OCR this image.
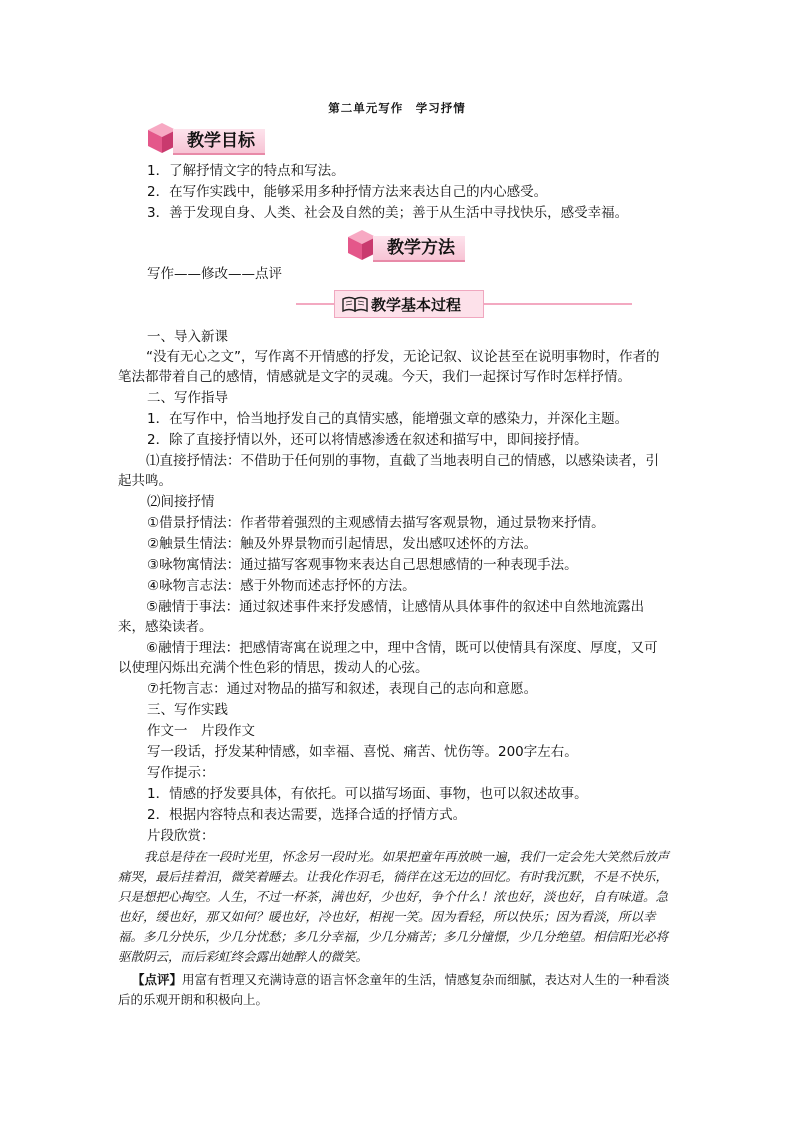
第二单元写作　学习抒情
教学目标
1．了解抒情文字的特点和写法。
2．在写作实践中，能够采用多种抒情方法来表达自己的内心感受。
3．善于发现自身、人类、社会及自然的美；善于从生活中寻找快乐，感受幸福。
教学方法
写作——修改——点评
教学基本过程
一、导入新课
“没有无心之文”，写作离不开情感的抒发，无论记叙、议论甚至在说明事物时，作者的笔法都带着自己的感情，情感就是文字的灵魂。今天，我们一起探讨写作时怎样抒情。
二、写作指导
1．在写作中，恰当地抒发自己的真情实感，能增强文章的感染力，并深化主题。
2．除了直接抒情以外，还可以将情感渗透在叙述和描写中，即间接抒情。
⑴直接抒情法：不借助于任何别的事物，直截了当地表明自己的情感，以感染读者，引起共鸣。
⑵间接抒情
①借景抒情法：作者带着强烈的主观感情去描写客观景物，通过景物来抒情。
②触景生情法：触及外界景物而引起情思，发出感叹述怀的方法。
③咏物寓情法：通过描写客观事物来表达自己思想感情的一种表现手法。
④咏物言志法：感于外物而述志抒怀的方法。
⑤融情于事法：通过叙述事件来抒发感情，让感情从具体事件的叙述中自然地流露出来，感染读者。
⑥融情于理法：把感情寄寓在说理之中，理中含情，既可以使情具有深度、厚度，又可以使理闪烁出充满个性色彩的情思，拨动人的心弦。
⑦托物言志：通过对物品的描写和叙述，表现自己的志向和意愿。
三、写作实践
作文一　片段作文
写一段话，抒发某种情感，如幸福、喜悦、痛苦、忧伤等。200字左右。
写作提示：
1．情感的抒发要具体，有依托。可以描写场面、事物，也可以叙述故事。
2．根据内容特点和表达需要，选择合适的抒情方式。
片段欣赏：
我总是待在一段时光里，怀念另一段时光。如果把童年再放映一遍，我们一定会先大笑然后放声痛哭，最后挂着泪，微笑着睡去。让我化作羽毛，徜徉在这无边的回忆。有时我沉默，不是不快乐，只是想把心掏空。人生，不过一杯茶，满也好，少也好，争个什么！浓也好，淡也好，自有味道。急也好，缓也好，那又如何？暖也好，冷也好，相视一笑。因为看轻，所以快乐；因为看淡，所以幸福。多几分快乐，少几分忧愁；多几分幸福，少几分痛苦；多几分憧憬，少几分绝望。相信阳光必将驱散阴云，而后彩虹终会露出她醉人的微笑。
【点评】用富有哲理又充满诗意的语言怀念童年的生活，情感复杂而细腻，表达对人生的一种看淡后的乐观开朗和积极向上。
